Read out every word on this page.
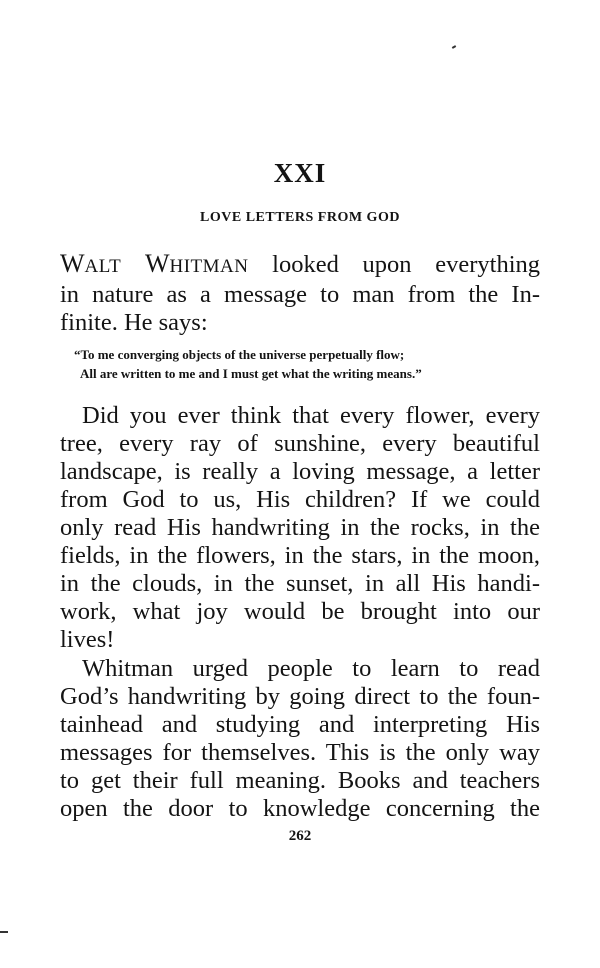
XXI
LOVE LETTERS FROM GOD
WALT WHITMAN looked upon everything
in nature as a message to man from the In-
finite. He says:
“To me converging objects of the universe perpetually flow;
All are written to me and I must get what the writing means.”
Did you ever think that every flower, every
tree, every ray of sunshine, every beautiful
landscape, is really a loving message, a letter
from God to us, His children? If we could
only read His handwriting in the rocks, in the
fields, in the flowers, in the stars, in the moon,
in the clouds, in the sunset, in all His handi-
work, what joy would be brought into our
lives!
Whitman urged people to learn to read
God’s handwriting by going direct to the foun-
tainhead and studying and interpreting His
messages for themselves. This is the only way
to get their full meaning. Books and teachers
open the door to knowledge concerning the
262
